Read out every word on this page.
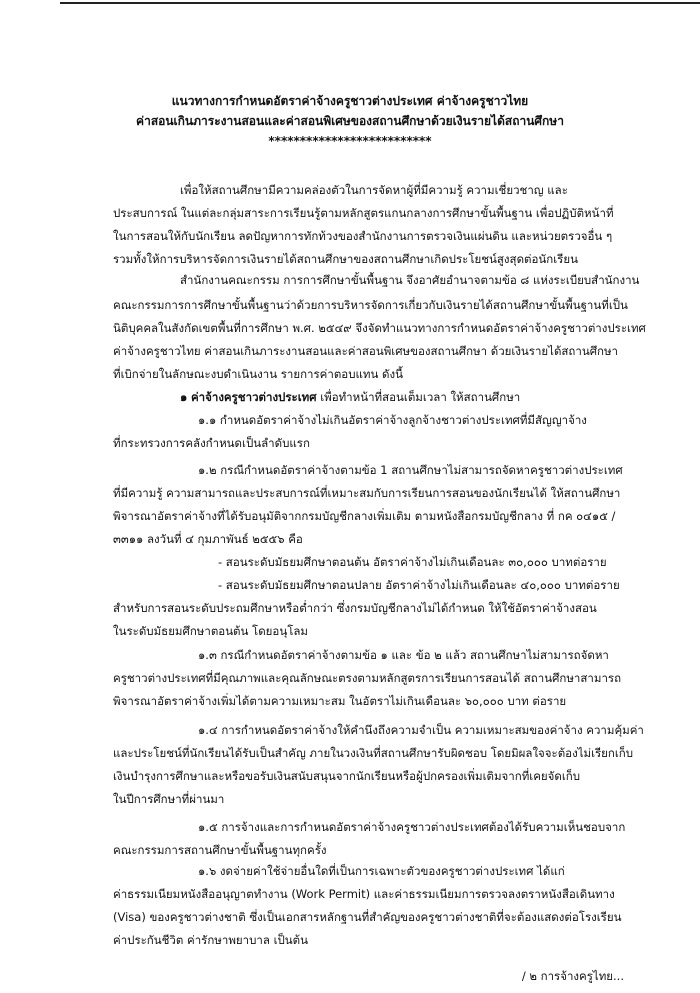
แนวทางการกำหนดอัตราค่าจ้างครูชาวต่างประเทศ ค่าจ้างครูชาวไทย
ค่าสอนเกินภาระงานสอนและค่าสอนพิเศษของสถานศึกษาด้วยเงินรายได้สถานศึกษา
**************************
เพื่อให้สถานศึกษามีความคล่องตัวในการจัดหาผู้ที่มีความรู้ ความเชี่ยวชาญ และ
ประสบการณ์ ในแต่ละกลุ่มสาระการเรียนรู้ตามหลักสูตรแกนกลางการศึกษาขั้นพื้นฐาน เพื่อปฏิบัติหน้าที่
ในการสอนให้กับนักเรียน ลดปัญหาการทักท้วงของสำนักงานการตรวจเงินแผ่นดิน และหน่วยตรวจอื่น ๆ
รวมทั้งให้การบริหารจัดการเงินรายได้สถานศึกษาของสถานศึกษาเกิดประโยชน์สูงสุดต่อนักเรียน
สำนักงานคณะกรรม การการศึกษาขั้นพื้นฐาน จึงอาศัยอำนาจตามข้อ ๘ แห่งระเบียบสำนักงาน
คณะกรรมการการศึกษาขั้นพื้นฐานว่าด้วยการบริหารจัดการเกี่ยวกับเงินรายได้สถานศึกษาขั้นพื้นฐานที่เป็น
นิติบุคคลในสังกัดเขตพื้นที่การศึกษา พ.ศ. ๒๕๔๙ จึงจัดทำแนวทางการกำหนดอัตราค่าจ้างครูชาวต่างประเทศ
ค่าจ้างครูชาวไทย ค่าสอนเกินภาระงานสอนและค่าสอนพิเศษของสถานศึกษา ด้วยเงินรายได้สถานศึกษา
ที่เบิกจ่ายในลักษณะงบดำเนินงาน รายการค่าตอบแทน ดังนี้
๑ ค่าจ้างครูชาวต่างประเทศ เพื่อทำหน้าที่สอนเต็มเวลา ให้สถานศึกษา
๑.๑ กำหนดอัตราค่าจ้างไม่เกินอัตราค่าจ้างลูกจ้างชาวต่างประเทศที่มีสัญญาจ้าง
ที่กระทรวงการคลังกำหนดเป็นลำดับแรก
๑.๒ กรณีกำหนดอัตราค่าจ้างตามข้อ 1 สถานศึกษาไม่สามารถจัดหาครูชาวต่างประเทศ
ที่มีความรู้ ความสามารถและประสบการณ์ที่เหมาะสมกับการเรียนการสอนของนักเรียนได้ ให้สถานศึกษา
พิจารณาอัตราค่าจ้างที่ได้รับอนุมัติจากกรมบัญชีกลางเพิ่มเติม ตามหนังสือกรมบัญชีกลาง ที่ กค ๐๔๑๕ /
๓๓๑๑ ลงวันที่ ๔ กุมภาพันธ์ ๒๕๕๖ คือ
- สอนระดับมัธยมศึกษาตอนต้น อัตราค่าจ้างไม่เกินเดือนละ ๓๐,๐๐๐ บาทต่อราย
- สอนระดับมัธยมศึกษาตอนปลาย อัตราค่าจ้างไม่เกินเดือนละ ๔๐,๐๐๐ บาทต่อราย
สำหรับการสอนระดับประถมศึกษาหรือต่ำกว่า ซึ่งกรมบัญชีกลางไม่ได้กำหนด ให้ใช้อัตราค่าจ้างสอน
ในระดับมัธยมศึกษาตอนต้น โดยอนุโลม
๑.๓ กรณีกำหนดอัตราค่าจ้างตามข้อ ๑ และ ข้อ ๒ แล้ว สถานศึกษาไม่สามารถจัดหา
ครูชาวต่างประเทศที่มีคุณภาพและคุณลักษณะตรงตามหลักสูตรการเรียนการสอนได้ สถานศึกษาสามารถ
พิจารณาอัตราค่าจ้างเพิ่มได้ตามความเหมาะสม ในอัตราไม่เกินเดือนละ ๖๐,๐๐๐ บาท ต่อราย
๑.๔ การกำหนดอัตราค่าจ้างให้คำนึงถึงความจำเป็น ความเหมาะสมของค่าจ้าง ความคุ้มค่า
และประโยชน์ที่นักเรียนได้รับเป็นสำคัญ ภายในวงเงินที่สถานศึกษารับผิดชอบ โดยมิผลใจจะต้องไม่เรียกเก็บ
เงินบำรุงการศึกษาและหรือขอรับเงินสนับสนุนจากนักเรียนหรือผู้ปกครองเพิ่มเติมจากที่เคยจัดเก็บ
ในปีการศึกษาที่ผ่านมา
๑.๕ การจ้างและการกำหนดอัตราค่าจ้างครูชาวต่างประเทศต้องได้รับความเห็นชอบจาก
คณะกรรมการสถานศึกษาขั้นพื้นฐานทุกครั้ง
๑.๖ งดจ่ายค่าใช้จ่ายอื่นใดที่เป็นการเฉพาะตัวของครูชาวต่างประเทศ ได้แก่
ค่าธรรมเนียมหนังสืออนุญาตทำงาน (Work Permit) และค่าธรรมเนียมการตรวจลงตราหนังสือเดินทาง
(Visa) ของครูชาวต่างชาติ ซึ่งเป็นเอกสารหลักฐานที่สำคัญของครูชาวต่างชาติที่จะต้องแสดงต่อโรงเรียน
ค่าประกันชีวิต ค่ารักษาพยาบาล เป็นต้น
/ ๒ การจ้างครูไทย...
